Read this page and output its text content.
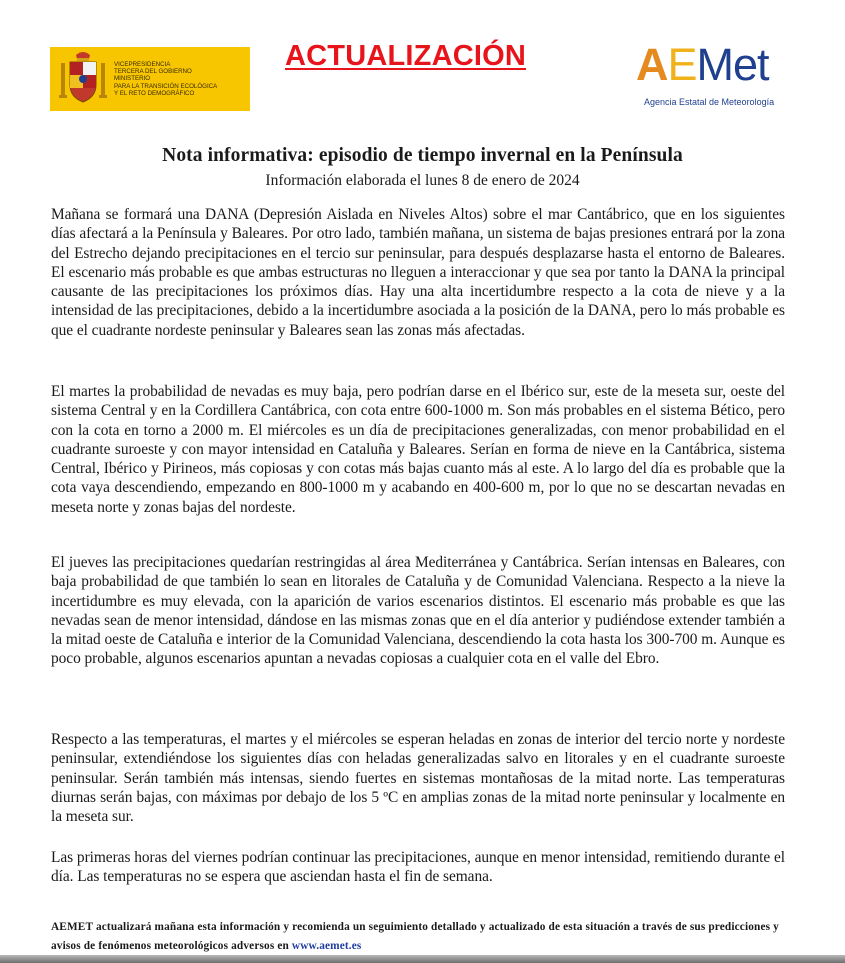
VICEPRESIDENCIA
TERCERA DEL GOBIERNO
MINISTERIO
PARA LA TRANSICIÓN ECOLÓGICA
Y EL RETO DEMOGRÁFICO
ACTUALIZACIÓN AEMet
Agencia Estatal de Meteorología
Nota informativa: episodio de tiempo invernal en la Península
Información elaborada el lunes 8 de enero de 2024

Mañana se formará una DANA (Depresión Aislada en Niveles Altos) sobre el mar Cantábrico, que en los siguientes días afectará a la Península y Baleares. Por otro lado, también mañana, un sistema de bajas presiones entrará por la zona del Estrecho dejando precipitaciones en el tercio sur peninsular, para después desplazarse hasta el entorno de Baleares. El escenario más probable es que ambas estructuras no lleguen a interaccionar y que sea por tanto la DANA la principal causante de las precipitaciones los próximos días. Hay una alta incertidumbre respecto a la cota de nieve y a la intensidad de las precipitaciones, debido a la incertidumbre asociada a la posición de la DANA, pero lo más probable es que el cuadrante nordeste peninsular y Baleares sean las zonas más afectadas.

El martes la probabilidad de nevadas es muy baja, pero podrían darse en el Ibérico sur, este de la meseta sur, oeste del sistema Central y en la Cordillera Cantábrica, con cota entre 600-1000 m. Son más probables en el sistema Bético, pero con la cota en torno a 2000 m. El miércoles es un día de precipitaciones generalizadas, con menor probabilidad en el cuadrante suroeste y con mayor intensidad en Cataluña y Baleares. Serían en forma de nieve en la Cantábrica, sistema Central, Ibérico y Pirineos, más copiosas y con cotas más bajas cuanto más al este. A lo largo del día es probable que la cota vaya descendiendo, empezando en 800-1000 m y acabando en 400-600 m, por lo que no se descartan nevadas en meseta norte y zonas bajas del nordeste.

El jueves las precipitaciones quedarían restringidas al área Mediterránea y Cantábrica. Serían intensas en Baleares, con baja probabilidad de que también lo sean en litorales de Cataluña y de Comunidad Valenciana. Respecto a la nieve la incertidumbre es muy elevada, con la aparición de varios escenarios distintos. El escenario más probable es que las nevadas sean de menor intensidad, dándose en las mismas zonas que en el día anterior y pudiéndose extender también a la mitad oeste de Cataluña e interior de la Comunidad Valenciana, descendiendo la cota hasta los 300-700 m. Aunque es poco probable, algunos escenarios apuntan a nevadas copiosas a cualquier cota en el valle del Ebro.

Respecto a las temperaturas, el martes y el miércoles se esperan heladas en zonas de interior del tercio norte y nordeste peninsular, extendiéndose los siguientes días con heladas generalizadas salvo en litorales y en el cuadrante suroeste peninsular. Serán también más intensas, siendo fuertes en sistemas montañosas de la mitad norte. Las temperaturas diurnas serán bajas, con máximas por debajo de los 5 ºC en amplias zonas de la mitad norte peninsular y localmente en la meseta sur.

Las primeras horas del viernes podrían continuar las precipitaciones, aunque en menor intensidad, remitiendo durante el día. Las temperaturas no se espera que asciendan hasta el fin de semana.

AEMET actualizará mañana esta información y recomienda un seguimiento detallado y actualizado de esta situación a través de sus predicciones y avisos de fenómenos meteorológicos adversos en www.aemet.es
